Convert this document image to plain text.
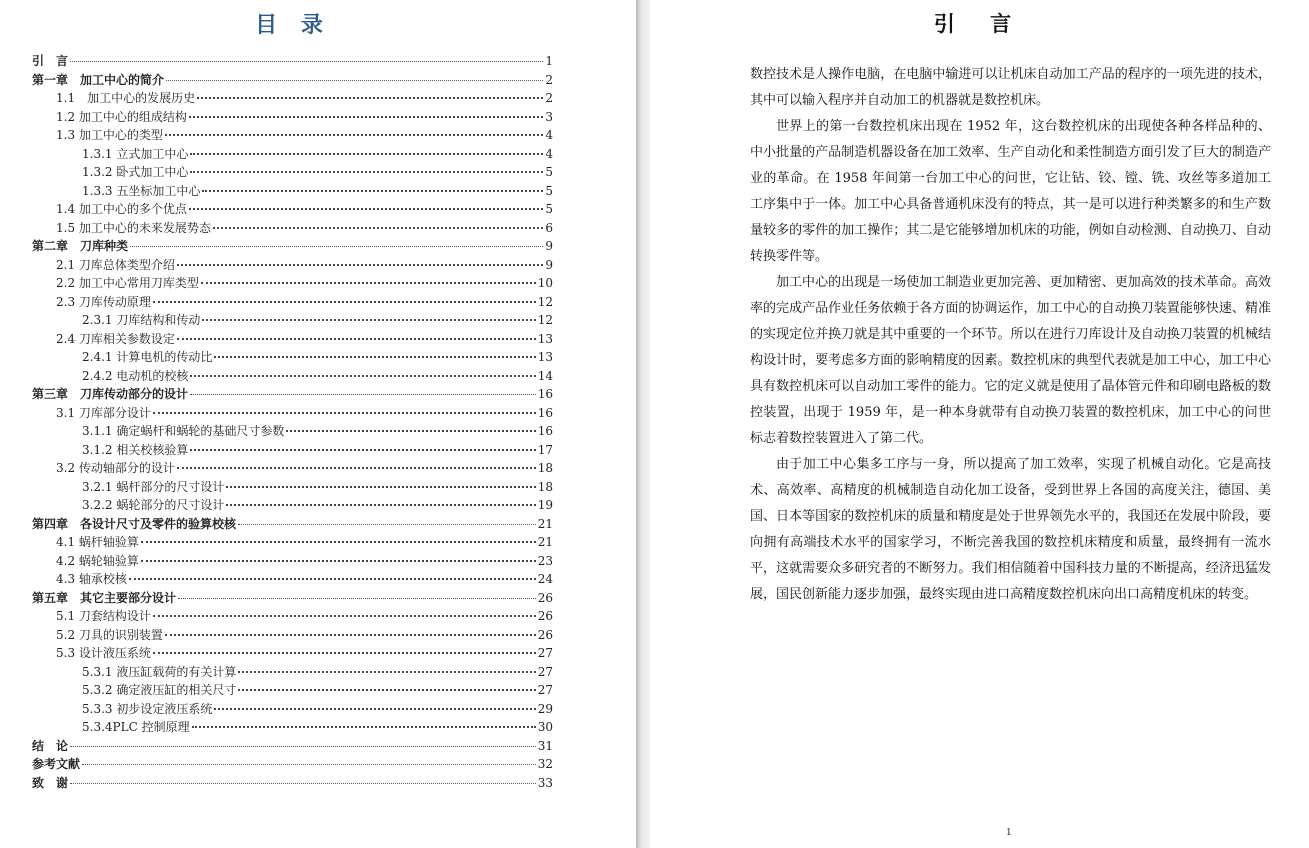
目 录
引　言	1
第一章　加工中心的简介	2
1.1　加工中心的发展历史	2
1.2 加工中心的组成结构	3
1.3 加工中心的类型	4
1.3.1 立式加工中心	4
1.3.2 卧式加工中心	5
1.3.3 五坐标加工中心	5
1.4 加工中心的多个优点	5
1.5 加工中心的未来发展势态	6
第二章　刀库种类	9
2.1 刀库总体类型介绍	9
2.2 加工中心常用刀库类型	10
2.3 刀库传动原理	12
2.3.1 刀库结构和传动	12
2.4 刀库相关参数设定	13
2.4.1 计算电机的传动比	13
2.4.2 电动机的校核	14
第三章　刀库传动部分的设计	16
3.1 刀库部分设计	16
3.1.1 确定蜗杆和蜗轮的基础尺寸参数	16
3.1.2 相关校核验算	17
3.2 传动轴部分的设计	18
3.2.1 蜗杆部分的尺寸设计	18
3.2.2 蜗轮部分的尺寸设计	19
第四章　各设计尺寸及零件的验算校核	21
4.1 蜗杆轴验算	21
4.2 蜗轮轴验算	23
4.3 轴承校核	24
第五章　其它主要部分设计	26
5.1 刀套结构设计	26
5.2 刀具的识别装置	26
5.3 设计液压系统	27
5.3.1 液压缸载荷的有关计算	27
5.3.2 确定液压缸的相关尺寸	27
5.3.3 初步设定液压系统	29
5.3.4PLC 控制原理	30
结　论	31
参考文献	32
致　谢	33
引 言

数控技术是人操作电脑，在电脑中输进可以让机床自动加工产品的程序的一项先进的技术，其中可以输入程序并自动加工的机器就是数控机床。

世界上的第一台数控机床出现在 1952 年，这台数控机床的出现使各种各样品种的、中小批量的产品制造机器设备在加工效率、生产自动化和柔性制造方面引发了巨大的制造产业的革命。在 1958 年间第一台加工中心的问世，它让钻、铰、镗、铣、攻丝等多道加工工序集中于一体。加工中心具备普通机床没有的特点，其一是可以进行种类繁多的和生产数量较多的零件的加工操作；其二是它能够增加机床的功能，例如自动检测、自动换刀、自动转换零件等。

加工中心的出现是一场使加工制造业更加完善、更加精密、更加高效的技术革命。高效率的完成产品作业任务依赖于各方面的协调运作，加工中心的自动换刀装置能够快速、精准的实现定位并换刀就是其中重要的一个环节。所以在进行刀库设计及自动换刀装置的机械结构设计时，要考虑多方面的影响精度的因素。数控机床的典型代表就是加工中心，加工中心具有数控机床可以自动加工零件的能力。它的定义就是使用了晶体管元件和印刷电路板的数控装置，出现于 1959 年，是一种本身就带有自动换刀装置的数控机床，加工中心的问世标志着数控装置进入了第二代。

由于加工中心集多工序与一身，所以提高了加工效率，实现了机械自动化。它是高技术、高效率、高精度的机械制造自动化加工设备，受到世界上各国的高度关注，德国、美国、日本等国家的数控机床的质量和精度是处于世界领先水平的，我国还在发展中阶段，要向拥有高端技术水平的国家学习，不断完善我国的数控机床精度和质量，最终拥有一流水平，这就需要众多研究者的不断努力。我们相信随着中国科技力量的不断提高，经济迅猛发展，国民创新能力逐步加强，最终实现由进口高精度数控机床向出口高精度机床的转变。

1
